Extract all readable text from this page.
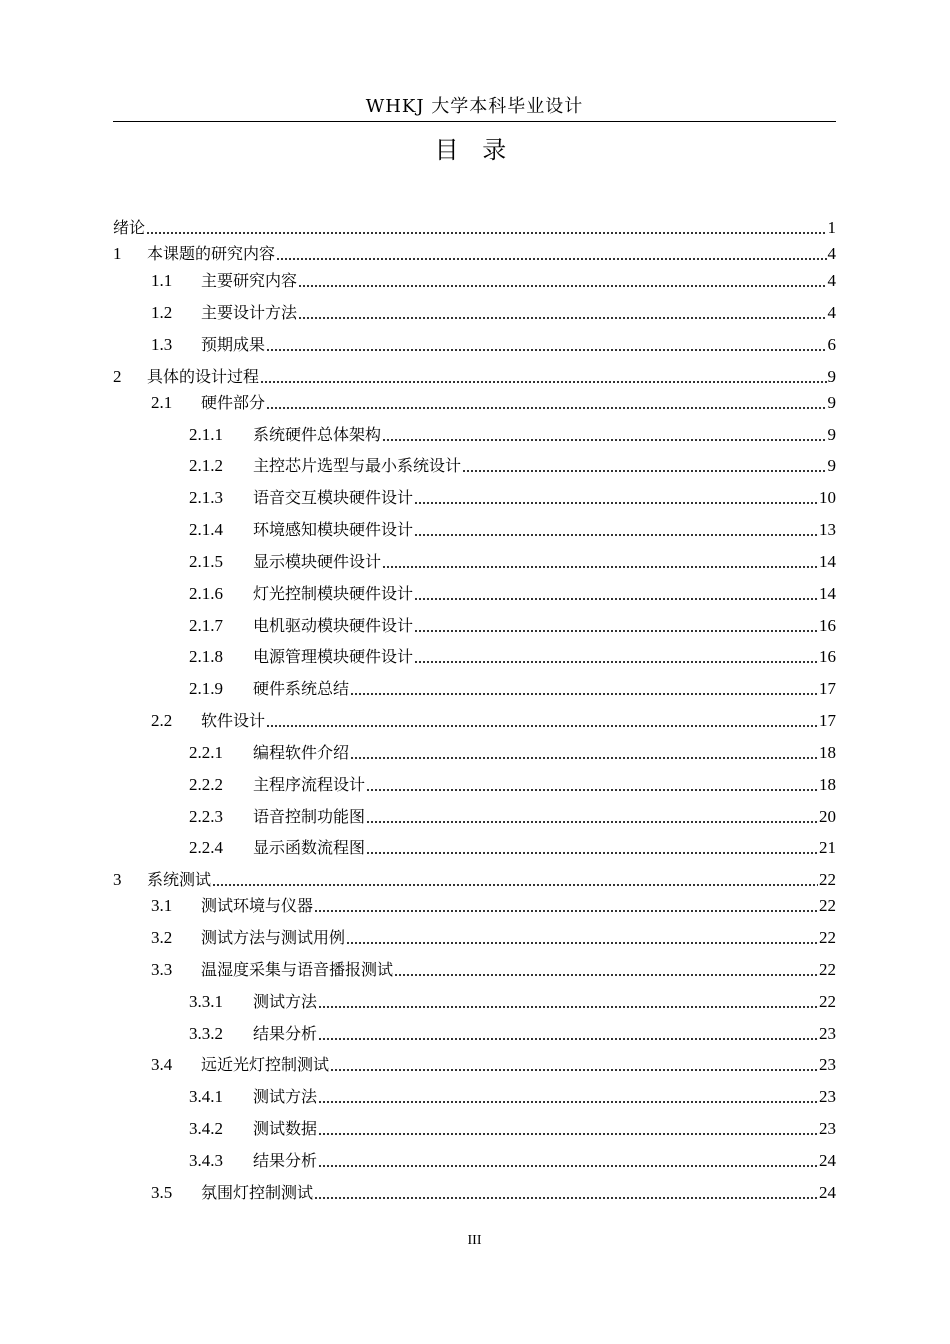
WHKJ 大学本科毕业设计
目 录
绪论	1
1	本课题的研究内容	4
1.1	主要研究内容	4
1.2	主要设计方法	4
1.3	预期成果	6
2	具体的设计过程	9
2.1	硬件部分	9
2.1.1	系统硬件总体架构	9
2.1.2	主控芯片选型与最小系统设计	9
2.1.3	语音交互模块硬件设计	10
2.1.4	环境感知模块硬件设计	13
2.1.5	显示模块硬件设计	14
2.1.6	灯光控制模块硬件设计	14
2.1.7	电机驱动模块硬件设计	16
2.1.8	电源管理模块硬件设计	16
2.1.9	硬件系统总结	17
2.2	软件设计	17
2.2.1	编程软件介绍	18
2.2.2	主程序流程设计	18
2.2.3	语音控制功能图	20
2.2.4	显示函数流程图	21
3	系统测试	22
3.1	测试环境与仪器	22
3.2	测试方法与测试用例	22
3.3	温湿度采集与语音播报测试	22
3.3.1	测试方法	22
3.3.2	结果分析	23
3.4	远近光灯控制测试	23
3.4.1	测试方法	23
3.4.2	测试数据	23
3.4.3	结果分析	24
3.5	氛围灯控制测试	24
III
